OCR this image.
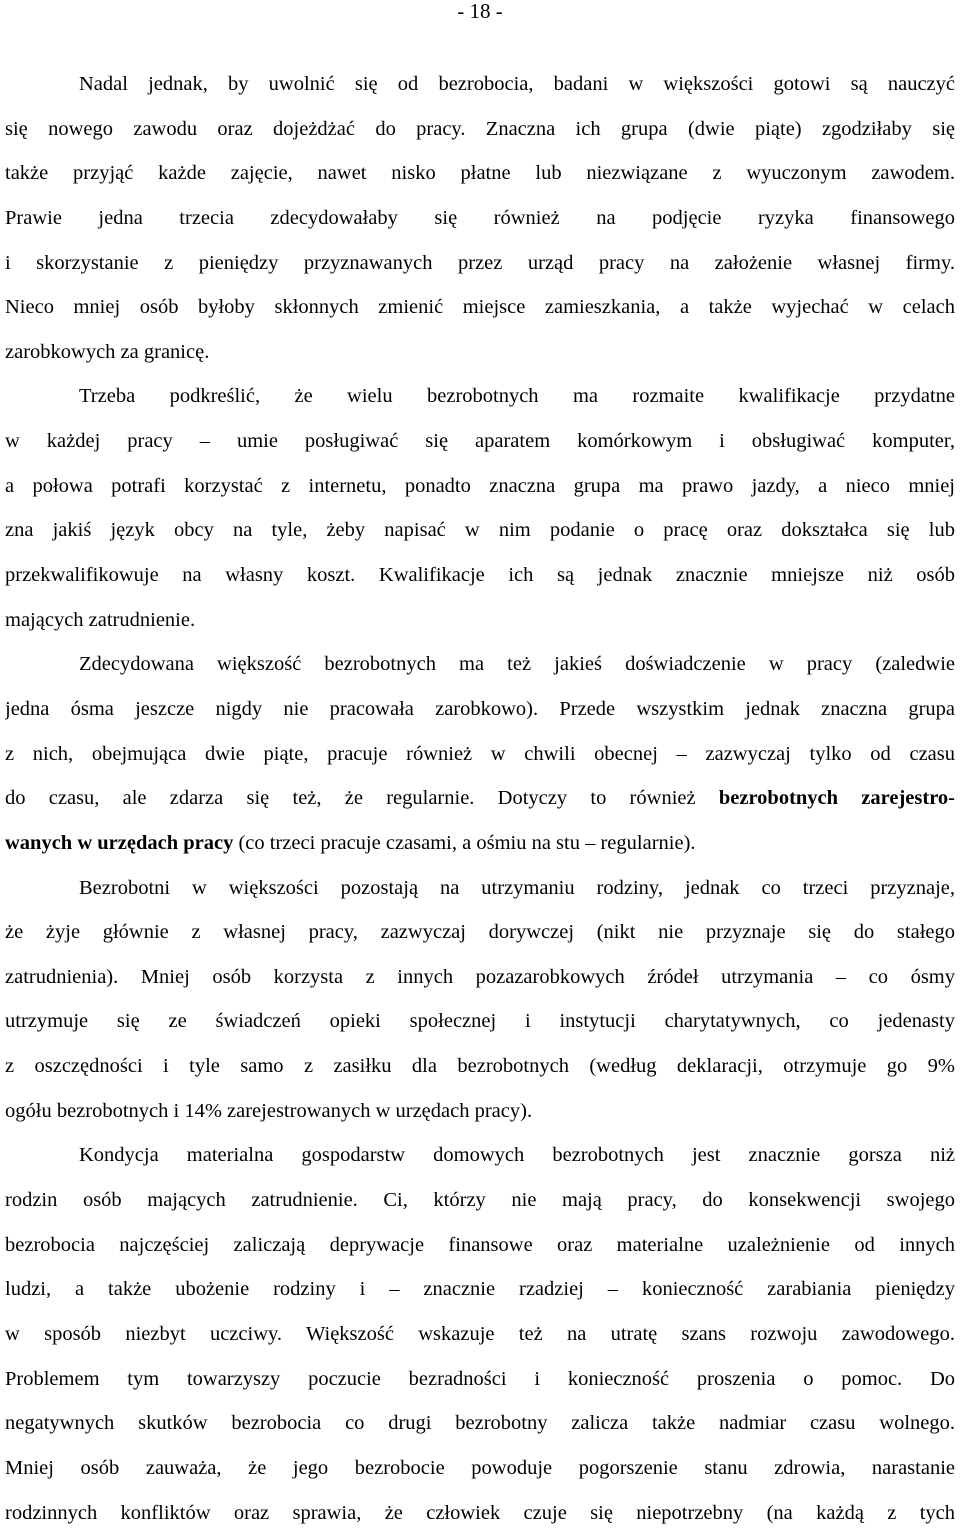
- 18 -
Nadal jednak, by uwolnić się od bezrobocia, badani w większości gotowi są nauczyć
się nowego zawodu oraz dojeżdżać do pracy. Znaczna ich grupa (dwie piąte) zgodziłaby się
także przyjąć każde zajęcie, nawet nisko płatne lub niezwiązane z wyuczonym zawodem.
Prawie jedna trzecia zdecydowałaby się również na podjęcie ryzyka finansowego
i skorzystanie z pieniędzy przyznawanych przez urząd pracy na założenie własnej firmy.
Nieco mniej osób byłoby skłonnych zmienić miejsce zamieszkania, a także wyjechać w celach
zarobkowych za granicę.
Trzeba podkreślić, że wielu bezrobotnych ma rozmaite kwalifikacje przydatne
w każdej pracy – umie posługiwać się aparatem komórkowym i obsługiwać komputer,
a połowa potrafi korzystać z internetu, ponadto znaczna grupa ma prawo jazdy, a nieco mniej
zna jakiś język obcy na tyle, żeby napisać w nim podanie o pracę oraz dokształca się lub
przekwalifikowuje na własny koszt. Kwalifikacje ich są jednak znacznie mniejsze niż osób
mających zatrudnienie.
Zdecydowana większość bezrobotnych ma też jakieś doświadczenie w pracy (zaledwie
jedna ósma jeszcze nigdy nie pracowała zarobkowo). Przede wszystkim jednak znaczna grupa
z nich, obejmująca dwie piąte, pracuje również w chwili obecnej – zazwyczaj tylko od czasu
do czasu, ale zdarza się też, że regularnie. Dotyczy to również bezrobotnych zarejestro-
wanych w urzędach pracy (co trzeci pracuje czasami, a ośmiu na stu – regularnie).
Bezrobotni w większości pozostają na utrzymaniu rodziny, jednak co trzeci przyznaje,
że żyje głównie z własnej pracy, zazwyczaj dorywczej (nikt nie przyznaje się do stałego
zatrudnienia). Mniej osób korzysta z innych pozazarobkowych źródeł utrzymania – co ósmy
utrzymuje się ze świadczeń opieki społecznej i instytucji charytatywnych, co jedenasty
z oszczędności i tyle samo z zasiłku dla bezrobotnych (według deklaracji, otrzymuje go 9%
ogółu bezrobotnych i 14% zarejestrowanych w urzędach pracy).
Kondycja materialna gospodarstw domowych bezrobotnych jest znacznie gorsza niż
rodzin osób mających zatrudnienie. Ci, którzy nie mają pracy, do konsekwencji swojego
bezrobocia najczęściej zaliczają deprywacje finansowe oraz materialne uzależnienie od innych
ludzi, a także ubożenie rodziny i – znacznie rzadziej – konieczność zarabiania pieniędzy
w sposób niezbyt uczciwy. Większość wskazuje też na utratę szans rozwoju zawodowego.
Problemem tym towarzyszy poczucie bezradności i konieczność proszenia o pomoc. Do
negatywnych skutków bezrobocia co drugi bezrobotny zalicza także nadmiar czasu wolnego.
Mniej osób zauważa, że jego bezrobocie powoduje pogorszenie stanu zdrowia, narastanie
rodzinnych konfliktów oraz sprawia, że człowiek czuje się niepotrzebny (na każdą z tych
